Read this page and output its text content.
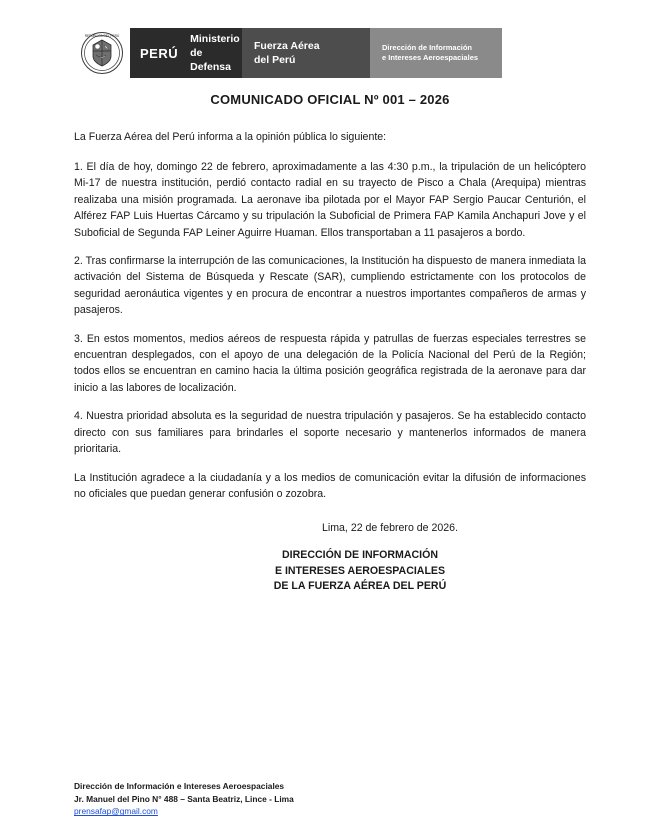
REPÚBLICA DEL PERÚ
PERÚ
Ministerio
de Defensa
Fuerza Aérea
del Perú
Dirección de Información
e Intereses Aeroespaciales
COMUNICADO OFICIAL Nº 001 – 2026

La Fuerza Aérea del Perú informa a la opinión pública lo siguiente:

1. El día de hoy, domingo 22 de febrero, aproximadamente a las 4:30 p.m., la tripulación de un helicóptero Mi-17 de nuestra institución, perdió contacto radial en su trayecto de Pisco a Chala (Arequipa) mientras realizaba una misión programada. La aeronave iba pilotada por el Mayor FAP Sergio Paucar Centurión, el Alférez FAP Luis Huertas Cárcamo y su tripulación la Suboficial de Primera FAP Kamila Anchapuri Jove y el Suboficial de Segunda FAP Leiner Aguirre Huaman. Ellos transportaban a 11 pasajeros a bordo.

2. Tras confirmarse la interrupción de las comunicaciones, la Institución ha dispuesto de manera inmediata la activación del Sistema de Búsqueda y Rescate (SAR), cumpliendo estrictamente con los protocolos de seguridad aeronáutica vigentes y en procura de encontrar a nuestros importantes compañeros de armas y pasajeros.

3. En estos momentos, medios aéreos de respuesta rápida y patrullas de fuerzas especiales terrestres se encuentran desplegados, con el apoyo de una delegación de la Policía Nacional del Perú de la Región; todos ellos se encuentran en camino hacia la última posición geográfica registrada de la aeronave para dar inicio a las labores de localización.

4. Nuestra prioridad absoluta es la seguridad de nuestra tripulación y pasajeros. Se ha establecido contacto directo con sus familiares para brindarles el soporte necesario y mantenerlos informados de manera prioritaria.

La Institución agradece a la ciudadanía y a los medios de comunicación evitar la difusión de informaciones no oficiales que puedan generar confusión o zozobra.

Lima, 22 de febrero de 2026.
DIRECCIÓN DE INFORMACIÓN
E INTERESES AEROESPACIALES
DE LA FUERZA AÉREA DEL PERÚ
Dirección de Información e Intereses Aeroespaciales
Jr. Manuel del Pino N° 488 – Santa Beatriz, Lince - Lima
prensafap@gmail.com
